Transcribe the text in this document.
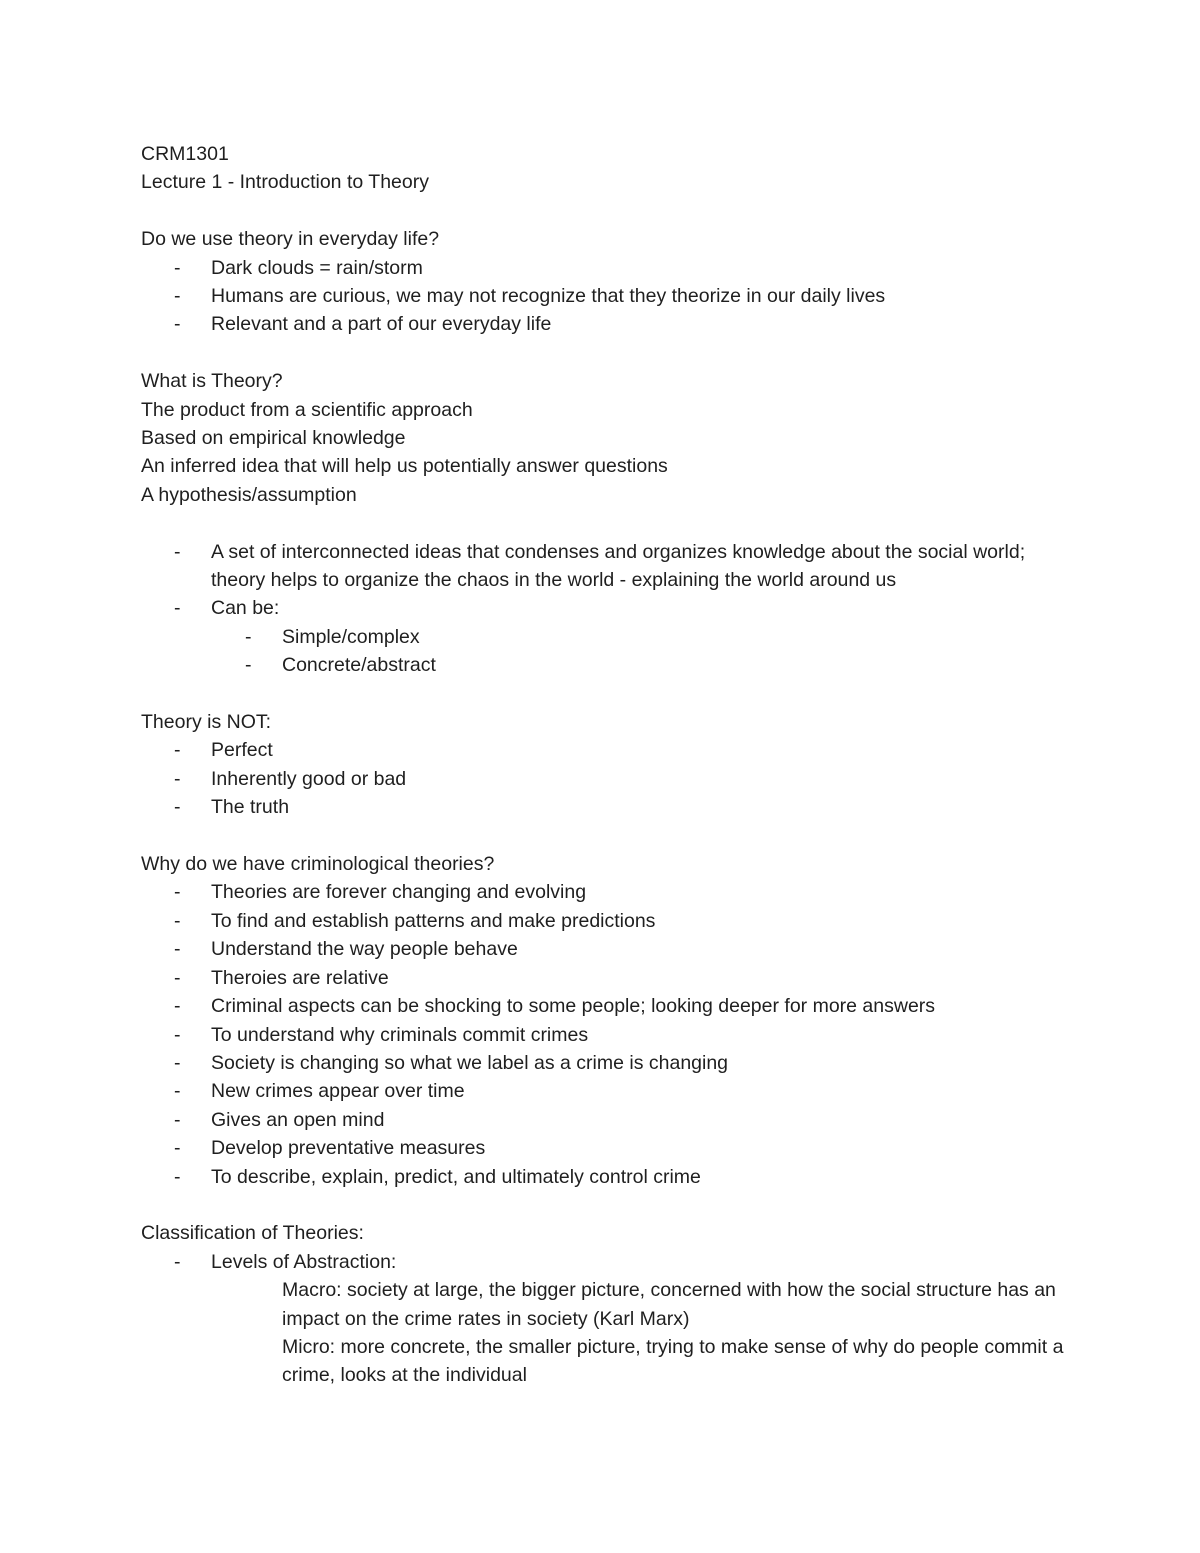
CRM1301

Lecture 1 - Introduction to Theory

Do we use theory in everyday life?

- Dark clouds = rain/storm
- Humans are curious, we may not recognize that they theorize in our daily lives
- Relevant and a part of our everyday life

What is Theory?

The product from a scientific approach

Based on empirical knowledge

An inferred idea that will help us potentially answer questions

A hypothesis/assumption

- A set of interconnected ideas that condenses and organizes knowledge about the social world; theory helps to organize the chaos in the world - explaining the world around us
- Can be:
- Simple/complex
- Concrete/abstract

Theory is NOT:

- Perfect
- Inherently good or bad
- The truth

Why do we have criminological theories?

- Theories are forever changing and evolving
- To find and establish patterns and make predictions
- Understand the way people behave
- Theroies are relative
- Criminal aspects can be shocking to some people; looking deeper for more answers
- To understand why criminals commit crimes
- Society is changing so what we label as a crime is changing
- New crimes appear over time
- Gives an open mind
- Develop preventative measures
- To describe, explain, predict, and ultimately control crime

Classification of Theories:

- Levels of Abstraction:

Macro: society at large, the bigger picture, concerned with how the social structure has an impact on the crime rates in society (Karl Marx)

Micro: more concrete, the smaller picture, trying to make sense of why do people commit a crime, looks at the individual
